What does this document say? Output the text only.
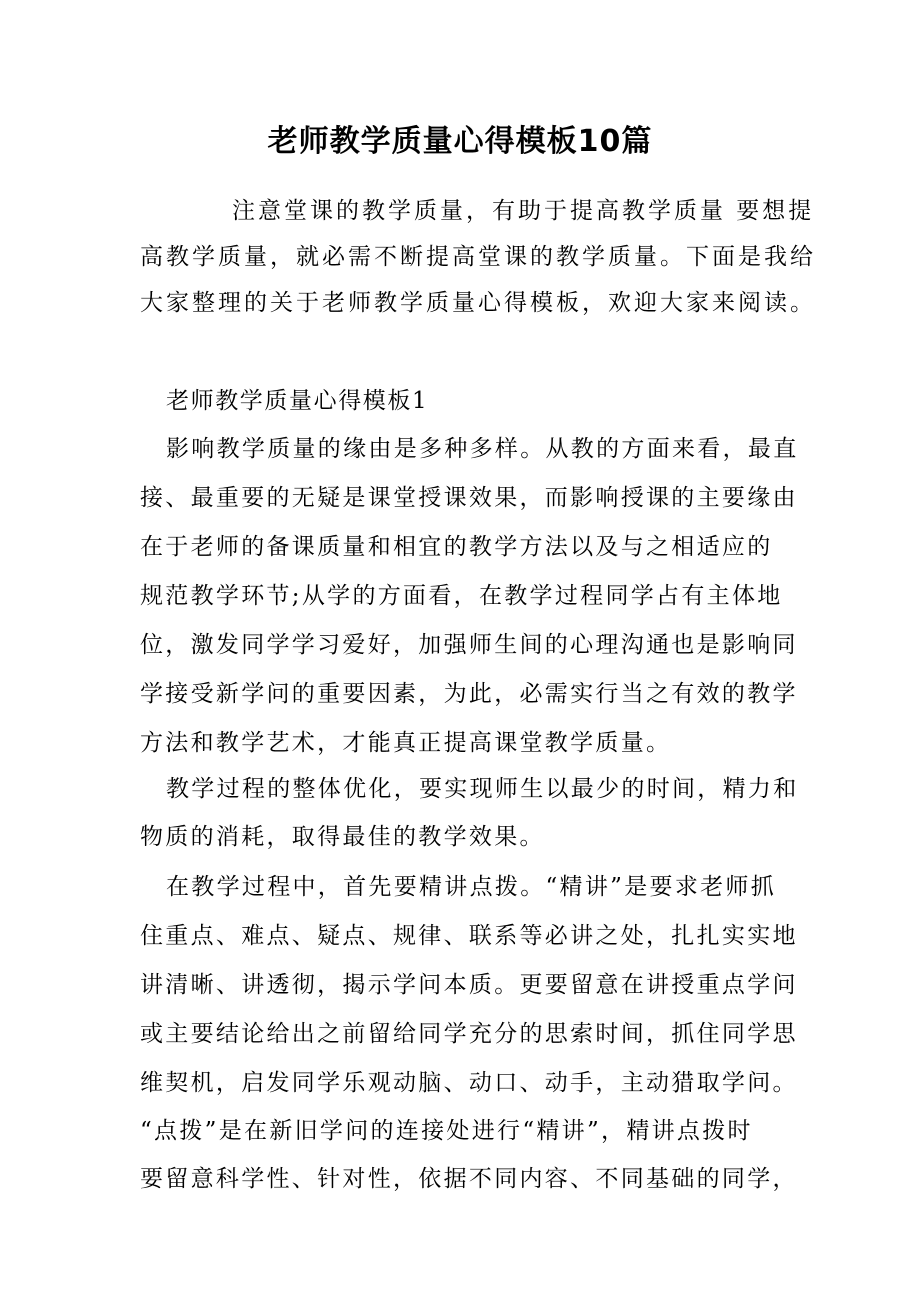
老师教学质量心得模板10篇
注意堂课的教学质量，有助于提高教学质量 要想提
高教学质量，就必需不断提高堂课的教学质量。下面是我给
大家整理的关于老师教学质量心得模板，欢迎大家来阅读。
老师教学质量心得模板1
影响教学质量的缘由是多种多样。从教的方面来看，最直
接、最重要的无疑是课堂授课效果，而影响授课的主要缘由
在于老师的备课质量和相宜的教学方法以及与之相适应的
规范教学环节;从学的方面看，在教学过程同学占有主体地
位，激发同学学习爱好，加强师生间的心理沟通也是影响同
学接受新学问的重要因素，为此，必需实行当之有效的教学
方法和教学艺术，才能真正提高课堂教学质量。
教学过程的整体优化，要实现师生以最少的时间，精力和
物质的消耗，取得最佳的教学效果。
在教学过程中，首先要精讲点拨。“精讲”是要求老师抓
住重点、难点、疑点、规律、联系等必讲之处，扎扎实实地
讲清晰、讲透彻，揭示学问本质。更要留意在讲授重点学问
或主要结论给出之前留给同学充分的思索时间，抓住同学思
维契机，启发同学乐观动脑、动口、动手，主动猎取学问。
“点拨”是在新旧学问的连接处进行“精讲”，精讲点拨时
要留意科学性、针对性，依据不同内容、不同基础的同学，
